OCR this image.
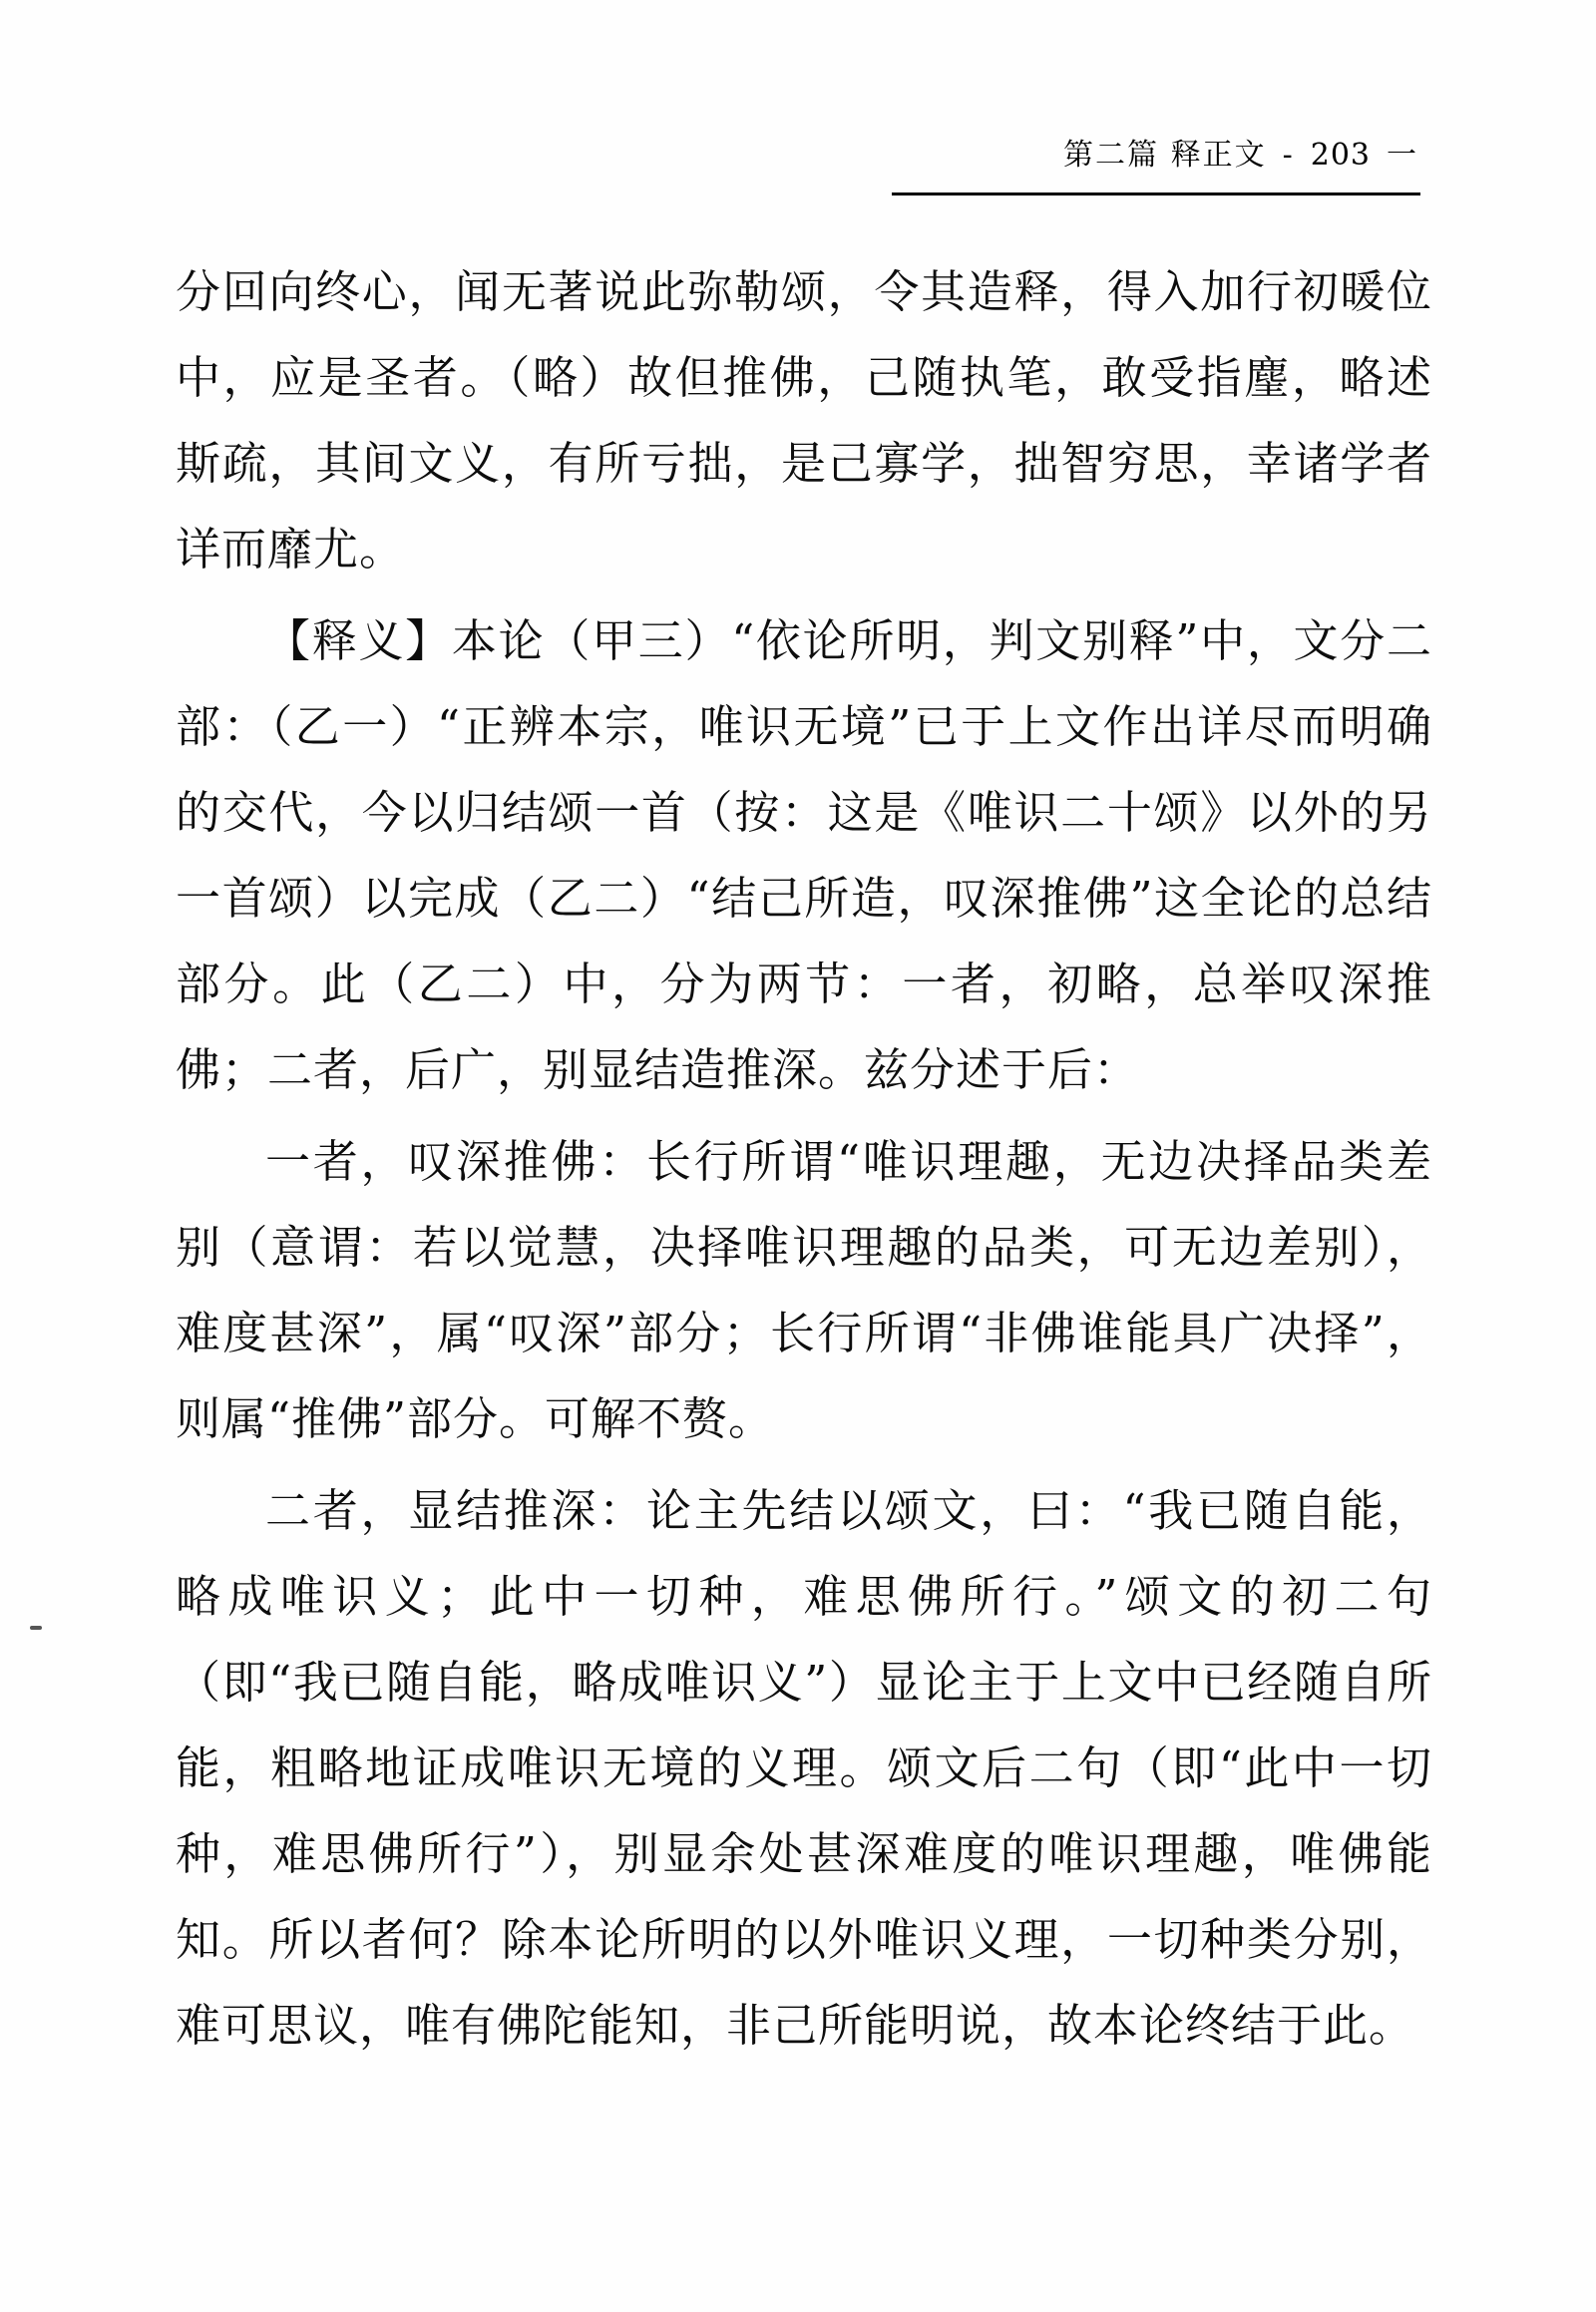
第二篇 释正文 - 203 一

分回向终心，闻无著说此弥勒颂，令其造释，得入加行初暖位中，应是圣者。（略）故但推佛，己随执笔，敢受指麈，略述斯疏，其间文义，有所亏拙，是己寡学，拙智穷思，幸诸学者详而靡尤。

【释义】本论（甲三）“依论所明，判文别释”中，文分二部：（乙一）“正辨本宗，唯识无境”已于上文作出详尽而明确的交代，今以归结颂一首（按：这是《唯识二十颂》以外的另一首颂）以完成（乙二）“结己所造，叹深推佛”这全论的总结部分。此（乙二）中，分为两节：一者，初略，总举叹深推佛；二者，后广，别显结造推深。兹分述于后：

一者，叹深推佛：长行所谓“唯识理趣，无边决择品类差别（意谓：若以觉慧，决择唯识理趣的品类，可无边差别），难度甚深”，属“叹深”部分；长行所谓“非佛谁能具广决择”，则属“推佛”部分。可解不赘。

二者，显结推深：论主先结以颂文，曰：“我已随自能，略成唯识义；此中一切种，难思佛所行。”颂文的初二句（即“我已随自能，略成唯识义”）显论主于上文中已经随自所能，粗略地证成唯识无境的义理。颂文后二句（即“此中一切种，难思佛所行”），别显余处甚深难度的唯识理趣，唯佛能知。所以者何？除本论所明的以外唯识义理，一切种类分别，难可思议，唯有佛陀能知，非己所能明说，故本论终结于此。
